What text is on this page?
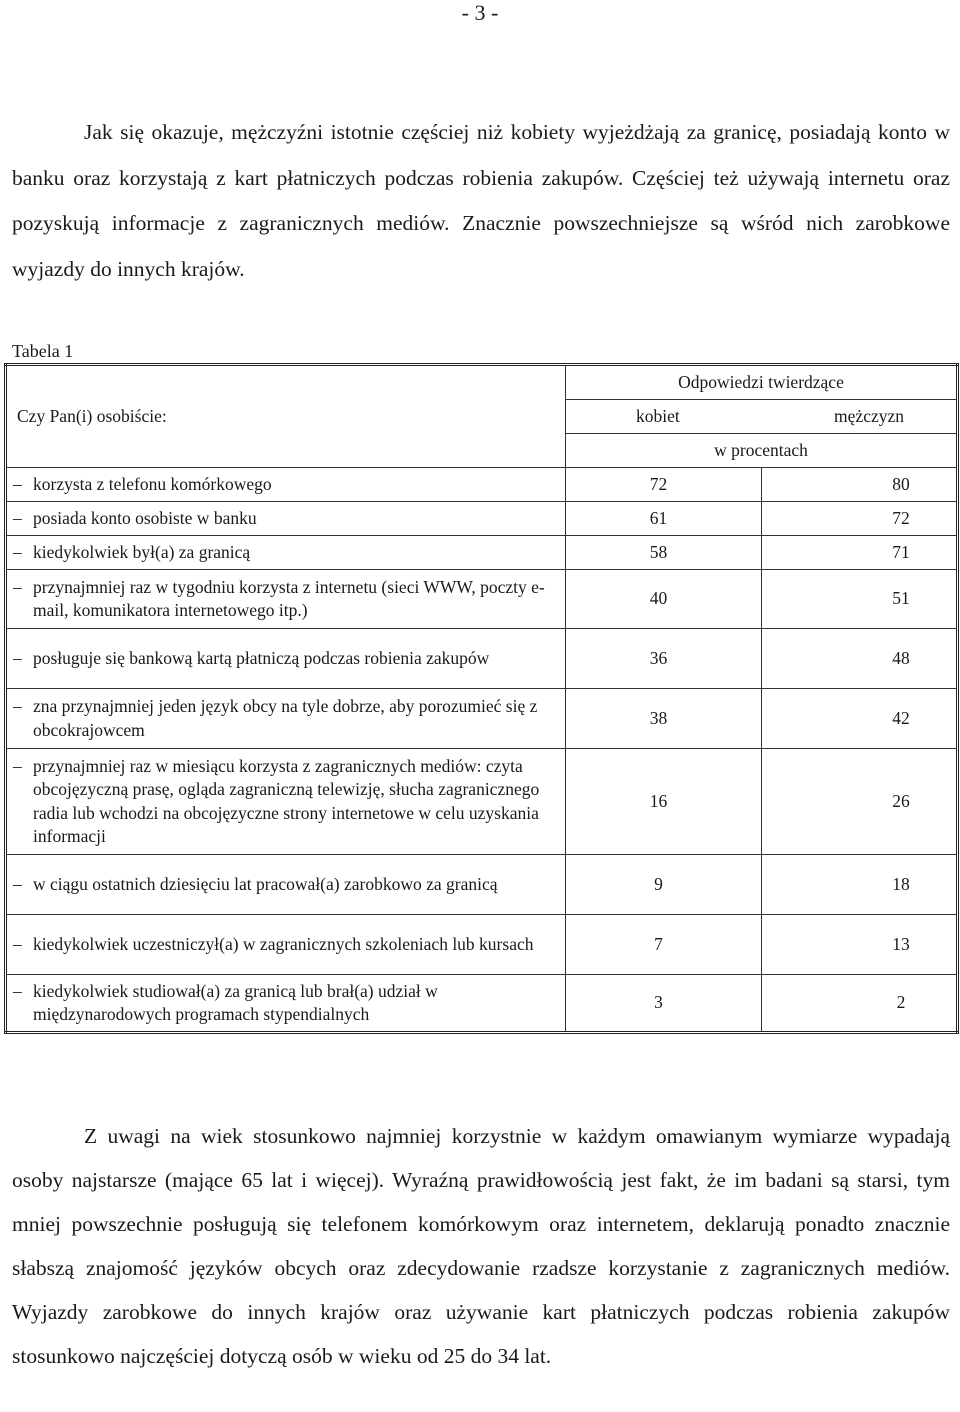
- 3 -

Jak się okazuje, mężczyźni istotnie częściej niż kobiety wyjeżdżają za granicę, posiadają konto w banku oraz korzystają z kart płatniczych podczas robienia zakupów. Częściej też używają internetu oraz pozyskują informacje z zagranicznych mediów. Znacznie powszechniejsze są wśród nich zarobkowe wyjazdy do innych krajów.

Tabela 1
Czy Pan(i) osobiście:	Odpowiedzi twierdzące	
	kobiet	mężczyzn
	w procentach	

– korzysta z telefonu komórkowego	72	80

– posiada konto osobiste w banku	61	72

– kiedykolwiek był(a) za granicą	58	71

– przynajmniej raz w tygodniu korzysta z internetu (sieci WWW, poczty e-mail, komunikatora internetowego itp.)	40	51

– posługuje się bankową kartą płatniczą podczas robienia zakupów	36	48

– zna przynajmniej jeden język obcy na tyle dobrze, aby porozumieć się z obcokrajowcem	38	42

– przynajmniej raz w miesiącu korzysta z zagranicznych mediów: czyta obcojęzyczną prasę, ogląda zagraniczną telewizję, słucha zagranicznego radia lub wchodzi na obcojęzyczne strony internetowe w celu uzyskania informacji	16	26

– w ciągu ostatnich dziesięciu lat pracował(a) zarobkowo za granicą	9	18

– kiedykolwiek uczestniczył(a) w zagranicznych szkoleniach lub kursach	7	13

– kiedykolwiek studiował(a) za granicą lub brał(a) udział w międzynarodowych programach stypendialnych	3	2

Z uwagi na wiek stosunkowo najmniej korzystnie w każdym omawianym wymiarze wypadają osoby najstarsze (mające 65 lat i więcej). Wyraźną prawidłowością jest fakt, że im badani są starsi, tym mniej powszechnie posługują się telefonem komórkowym oraz internetem, deklarują ponadto znacznie słabszą znajomość języków obcych oraz zdecydowanie rzadsze korzystanie z zagranicznych mediów. Wyjazdy zarobkowe do innych krajów oraz używanie kart płatniczych podczas robienia zakupów stosunkowo najczęściej dotyczą osób w wieku od 25 do 34 lat.
